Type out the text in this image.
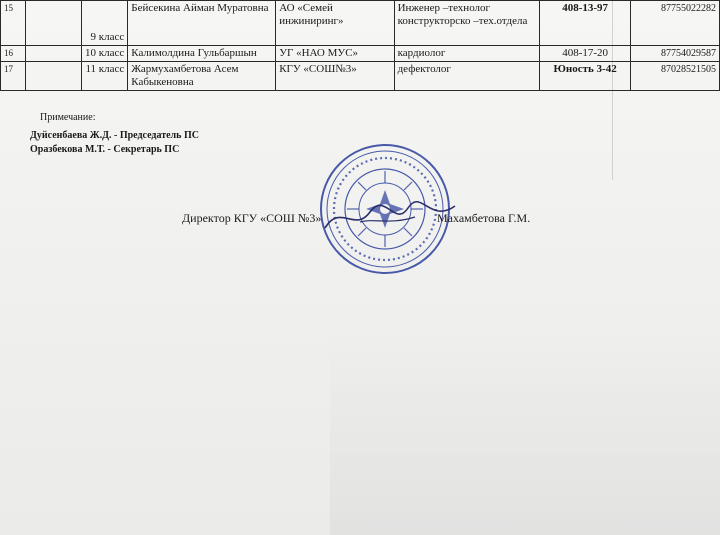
15		9 класс	Бейсекина Айман Муратовна	АО «Семей инжиниринг»	Инженер –технолог конструкторско –тех.отдела	408-13-97	87755022282
16		10 класс	Калимолдина Гульбаршын	УГ «НАО МУС»	кардиолог	408-17-20	87754029587
17		11 класс	Жармухамбетова Асем Кабыкеновна	КГУ «СОШ№3»	дефектолог	Юность 3-42	87028521505
Примечание:
Дуйсенбаева Ж.Д. - Председатель ПС
Оразбекова М.Т. - Секретарь ПС
Директор КГУ «СОШ №3»	Махамбетова Г.М.
